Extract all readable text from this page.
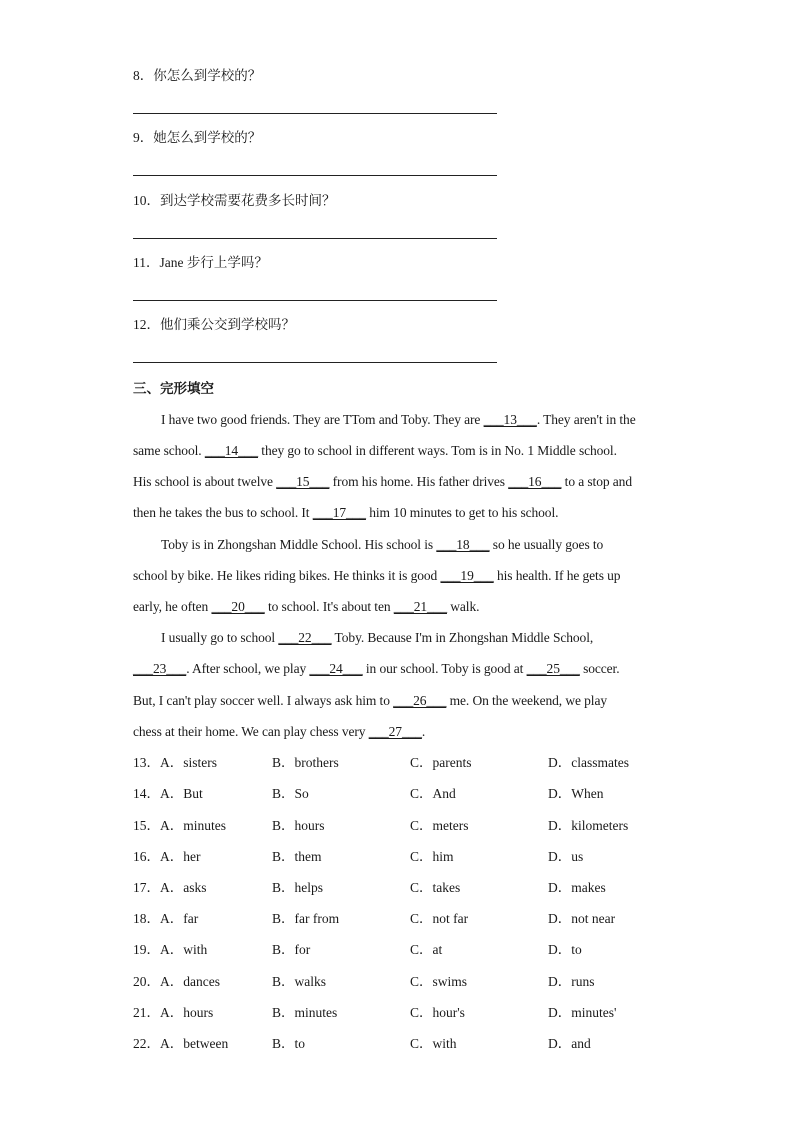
8．你怎么到学校的？
9．她怎么到学校的？
10．到达学校需要花费多长时间？
11．Jane 步行上学吗？
12．他们乘公交到学校吗？
三、完形填空
I have two good friends. They are TTom and Toby. They are ___13___. They aren't in the
same school. ___14___ they go to school in different ways. Tom is in No. 1 Middle school.
His school is about twelve ___15___ from his home. His father drives ___16___ to a stop and
then he takes the bus to school. It ___17___ him 10 minutes to get to his school.
Toby is in Zhongshan Middle School. His school is ___18___ so he usually goes to
school by bike. He likes riding bikes. He thinks it is good ___19___ his health. If he gets up
early, he often ___20___ to school. It's about ten ___21___ walk.
I usually go to school ___22___ Toby. Because I'm in Zhongshan Middle School,
___23___. After school, we play ___24___ in our school. Toby is good at ___25___ soccer.
But, I can't play soccer well. I always ask him to ___26___ me. On the weekend, we play
chess at their home. We can play chess very ___27___.
13．A．sisters	B．brothers	C．parents	D．classmates
14．A．But	B．So	C．And	D．When
15．A．minutes	B．hours	C．meters	D．kilometers
16．A．her	B．them	C．him	D．us
17．A．asks	B．helps	C．takes	D．makes
18．A．far	B．far from	C．not far	D．not near
19．A．with	B．for	C．at	D．to
20．A．dances	B．walks	C．swims	D．runs
21．A．hours	B．minutes	C．hour's	D．minutes'
22．A．between	B．to	C．with	D．and
